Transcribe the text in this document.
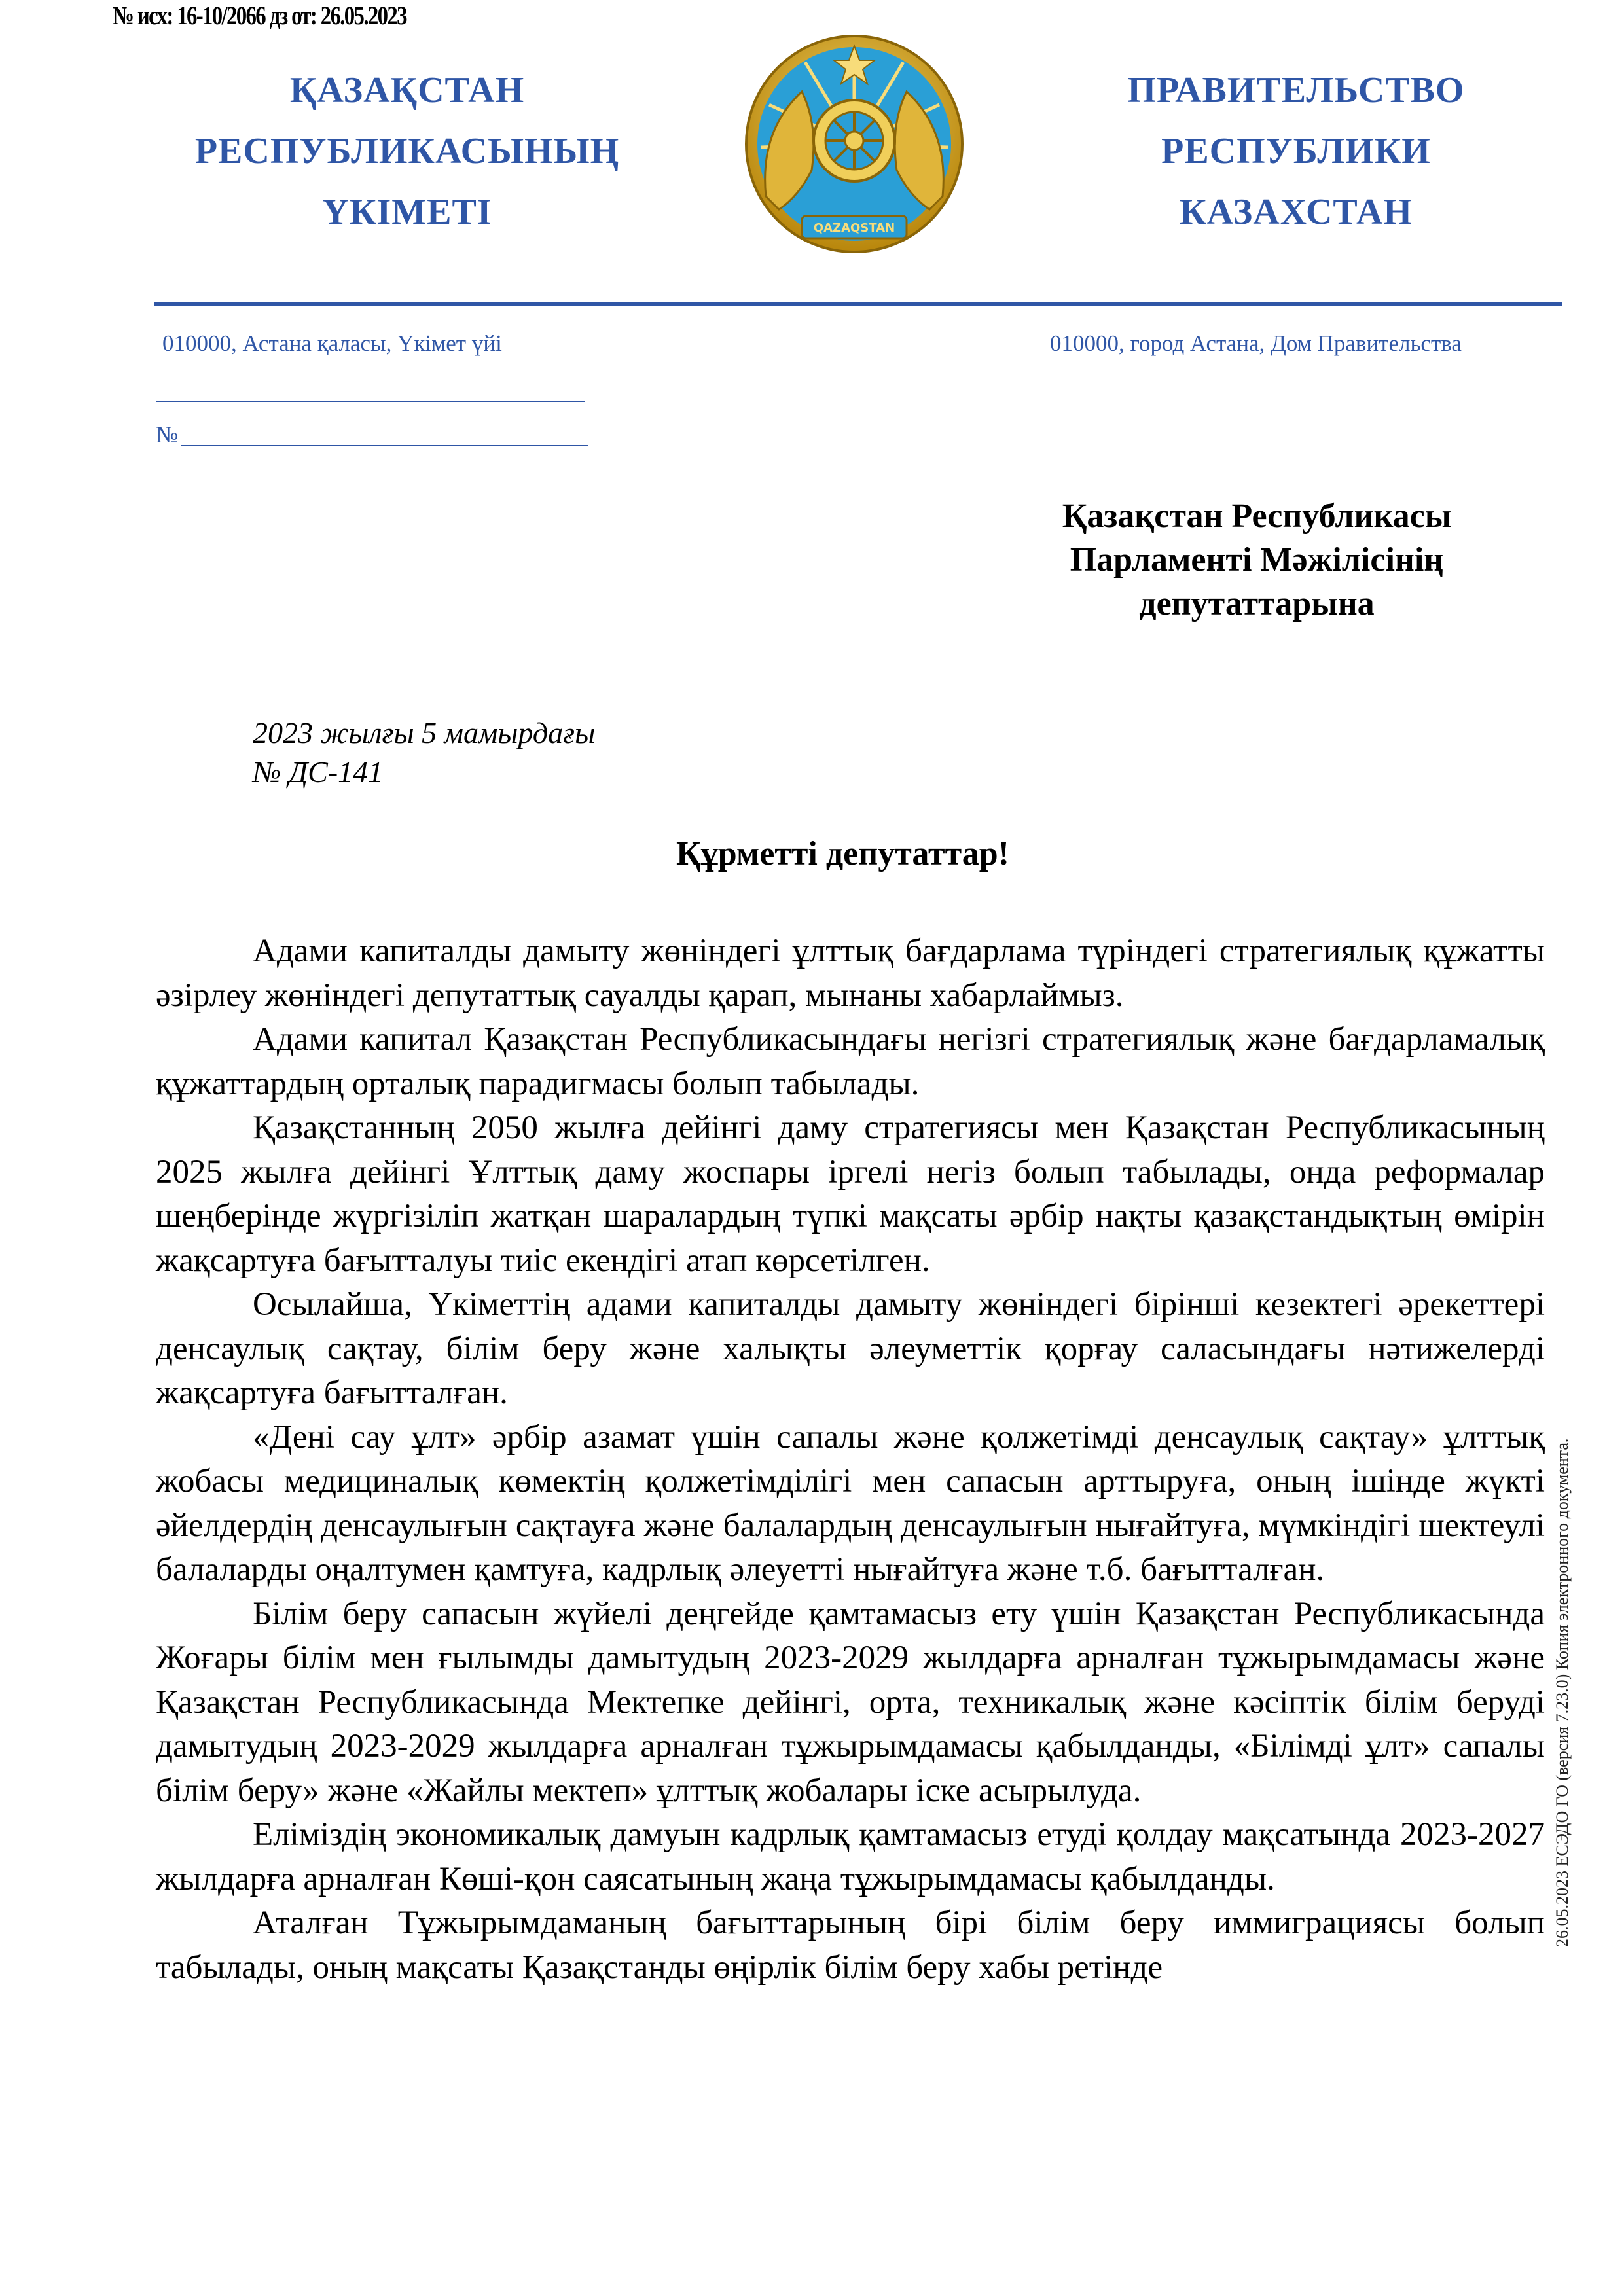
№ исх: 16-10/2066 дз от: 26.05.2023
ҚАЗАҚСТАН
РЕСПУБЛИКАСЫНЫҢ
ҮКІМЕТІ	QAZAQSTAN
ПРАВИТЕЛЬСТВО
РЕСПУБЛИКИ
КАЗАХСТАН
010000, Астана қаласы, Үкімет үйі	010000, город Астана, Дом Правительства
№
Қазақстан Республикасы
Парламенті Мәжілісінің
депутаттарына
2023 жылғы 5 мамырдағы
№ ДС-141
Құрметті депутаттар!

Адами капиталды дамыту жөніндегі ұлттық бағдарлама түріндегі стратегиялық құжатты әзірлеу жөніндегі депутаттық сауалды қарап, мынаны хабарлаймыз.

Адами капитал Қазақстан Республикасындағы негізгі стратегиялық және бағдарламалық құжаттардың орталық парадигмасы болып табылады.

Қазақстанның 2050 жылға дейінгі даму стратегиясы мен Қазақстан Республикасының 2025 жылға дейінгі Ұлттық даму жоспары іргелі негіз болып табылады, онда реформалар шеңберінде жүргізіліп жатқан шаралардың түпкі мақсаты әрбір нақты қазақстандықтың өмірін жақсартуға бағытталуы тиіс екендігі атап көрсетілген.

Осылайша, Үкіметтің адами капиталды дамыту жөніндегі бірінші кезектегі әрекеттері денсаулық сақтау, білім беру және халықты әлеуметтік қорғау саласындағы нәтижелерді жақсартуға бағытталған.

«Дені сау ұлт» әрбір азамат үшін сапалы және қолжетімді денсаулық сақтау» ұлттық жобасы медициналық көмектің қолжетімділігі мен сапасын арттыруға, оның ішінде жүкті әйелдердің денсаулығын сақтауға және балалардың денсаулығын нығайтуға, мүмкіндігі шектеулі балаларды оңалтумен қамтуға, кадрлық әлеуетті нығайтуға және т.б. бағытталған.

Білім беру сапасын жүйелі деңгейде қамтамасыз ету үшін Қазақстан Республикасында Жоғары білім мен ғылымды дамытудың 2023-2029 жылдарға арналған тұжырымдамасы және Қазақстан Республикасында Мектепке дейінгі, орта, техникалық және кәсіптік білім беруді дамытудың 2023-2029 жылдарға арналған тұжырымдамасы қабылданды, «Білімді ұлт» сапалы білім беру» және «Жайлы мектеп» ұлттық жобалары іске асырылуда.

Еліміздің экономикалық дамуын кадрлық қамтамасыз етуді қолдау мақсатында 2023-2027 жылдарға арналған Көші-қон саясатының жаңа тұжырымдамасы қабылданды.

Аталған Тұжырымдаманың бағыттарының бірі білім беру иммиграциясы болып табылады, оның мақсаты Қазақстанды өңірлік білім беру хабы ретінде

26.05.2023 ЕСЭДО ГО (версия 7.23.0) Копия электронного документа.
